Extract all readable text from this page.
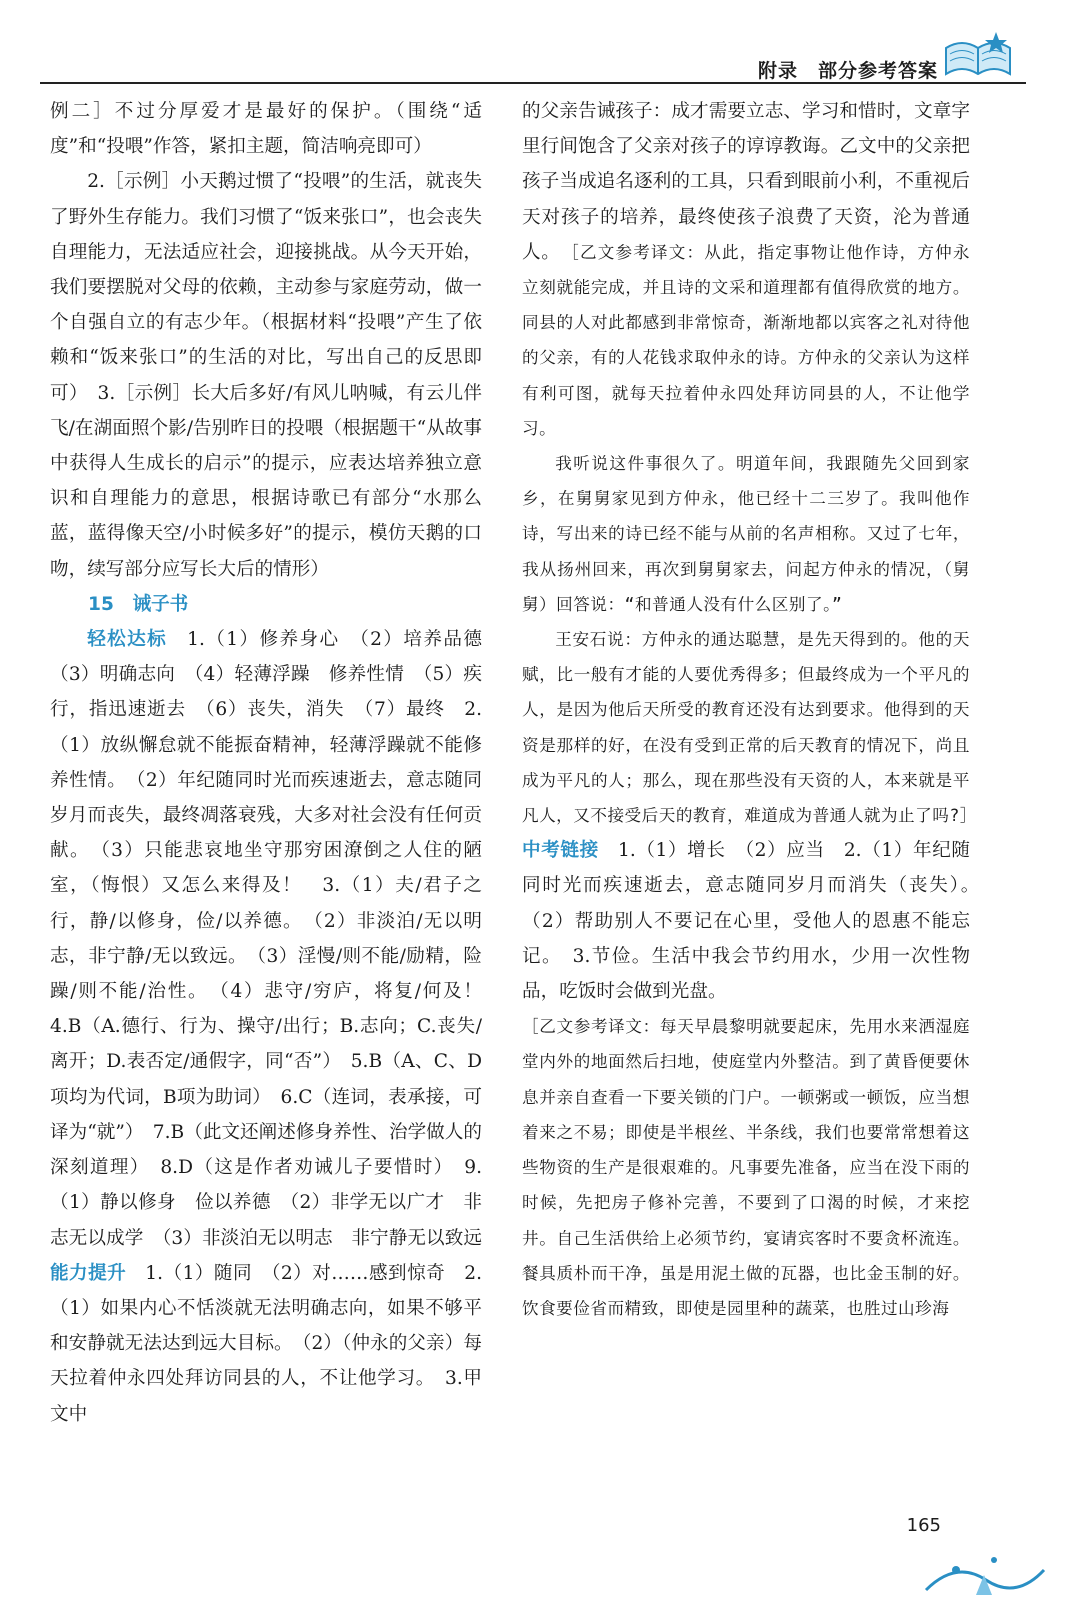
附录　部分参考答案

例二］不过分厚爱才是最好的保护。（围绕“适度”和“投喂”作答，紧扣主题，简洁响亮即可）

2.［示例］小天鹅过惯了“投喂”的生活，就丧失了野外生存能力。我们习惯了“饭来张口”，也会丧失自理能力，无法适应社会，迎接挑战。从今天开始，我们要摆脱对父母的依赖，主动参与家庭劳动，做一个自强自立的有志少年。（根据材料“投喂”产生了依赖和“饭来张口”的生活的对比，写出自己的反思即可）　3.［示例］长大后多好/有风儿呐喊，有云儿伴飞/在湖面照个影/告别昨日的投喂（根据题干“从故事中获得人生成长的启示”的提示，应表达培养独立意识和自理能力的意思，根据诗歌已有部分“水那么蓝，蓝得像天空/小时候多好”的提示，模仿天鹅的口吻，续写部分应写长大后的情形）

15　诫子书

轻松达标　1.（1）修养身心　（2）培养品德　（3）明确志向　（4）轻薄浮躁　修养性情　（5）疾行，指迅速逝去　（6）丧失，消失　（7）最终　2.（1）放纵懈怠就不能振奋精神，轻薄浮躁就不能修养性情。　（2）年纪随同时光而疾速逝去，意志随同岁月而丧失，最终凋落衰残，大多对社会没有任何贡献。　（3）只能悲哀地坐守那穷困潦倒之人住的陋室，（悔恨）又怎么来得及！　3.（1）夫/君子之行，静/以修身，俭/以养德。　（2）非淡泊/无以明志，非宁静/无以致远。　（3）淫慢/则不能/励精，险躁/则不能/治性。　（4）悲守/穷庐，将复/何及！　4.B（A.德行、行为、操守/出行；B.志向；C.丧失/离开；D.表否定/通假字，同“否”）　5.B（A、C、D项均为代词，B项为助词）　6.C（连词，表承接，可译为“就”）　7.B（此文还阐述修身养性、治学做人的深刻道理）　8.D（这是作者劝诫儿子要惜时）　9.（1）静以修身　俭以养德　（2）非学无以广才　非志无以成学　（3）非淡泊无以明志　非宁静无以致远　能力提升　1.（1）随同　（2）对……感到惊奇　2.（1）如果内心不恬淡就无法明确志向，如果不够平和安静就无法达到远大目标。　（2）（仲永的父亲）每天拉着仲永四处拜访同县的人，不让他学习。　3.甲文中

的父亲告诫孩子：成才需要立志、学习和惜时，文章字里行间饱含了父亲对孩子的谆谆教诲。乙文中的父亲把孩子当成追名逐利的工具，只看到眼前小利，不重视后天对孩子的培养，最终使孩子浪费了天资，沦为普通人。　［乙文参考译文：从此，指定事物让他作诗，方仲永立刻就能完成，并且诗的文采和道理都有值得欣赏的地方。同县的人对此都感到非常惊奇，渐渐地都以宾客之礼对待他的父亲，有的人花钱求取仲永的诗。方仲永的父亲认为这样有利可图，就每天拉着仲永四处拜访同县的人，不让他学习。

我听说这件事很久了。明道年间，我跟随先父回到家乡，在舅舅家见到方仲永，他已经十二三岁了。我叫他作诗，写出来的诗已经不能与从前的名声相称。又过了七年，我从扬州回来，再次到舅舅家去，问起方仲永的情况，（舅舅）回答说：“和普通人没有什么区别了。”

王安石说：方仲永的通达聪慧，是先天得到的。他的天赋，比一般有才能的人要优秀得多；但最终成为一个平凡的人，是因为他后天所受的教育还没有达到要求。他得到的天资是那样的好，在没有受到正常的后天教育的情况下，尚且成为平凡的人；那么，现在那些没有天资的人，本来就是平凡人，又不接受后天的教育，难道成为普通人就为止了吗?］中考链接　1.（1）增长　（2）应当　2.（1）年纪随同时光而疾速逝去，意志随同岁月而消失（丧失）。　（2）帮助别人不要记在心里，受他人的恩惠不能忘记。　3.节俭。生活中我会节约用水，少用一次性物品，吃饭时会做到光盘。

［乙文参考译文：每天早晨黎明就要起床，先用水来洒湿庭堂内外的地面然后扫地，使庭堂内外整洁。到了黄昏便要休息并亲自查看一下要关锁的门户。一顿粥或一顿饭，应当想着来之不易；即使是半根丝、半条线，我们也要常常想着这些物资的生产是很艰难的。凡事要先准备，应当在没下雨的时候，先把房子修补完善，不要到了口渴的时候，才来挖井。自己生活供给上必须节约，宴请宾客时不要贪杯流连。餐具质朴而干净，虽是用泥土做的瓦器，也比金玉制的好。饮食要俭省而精致，即使是园里种的蔬菜，也胜过山珍海

165
